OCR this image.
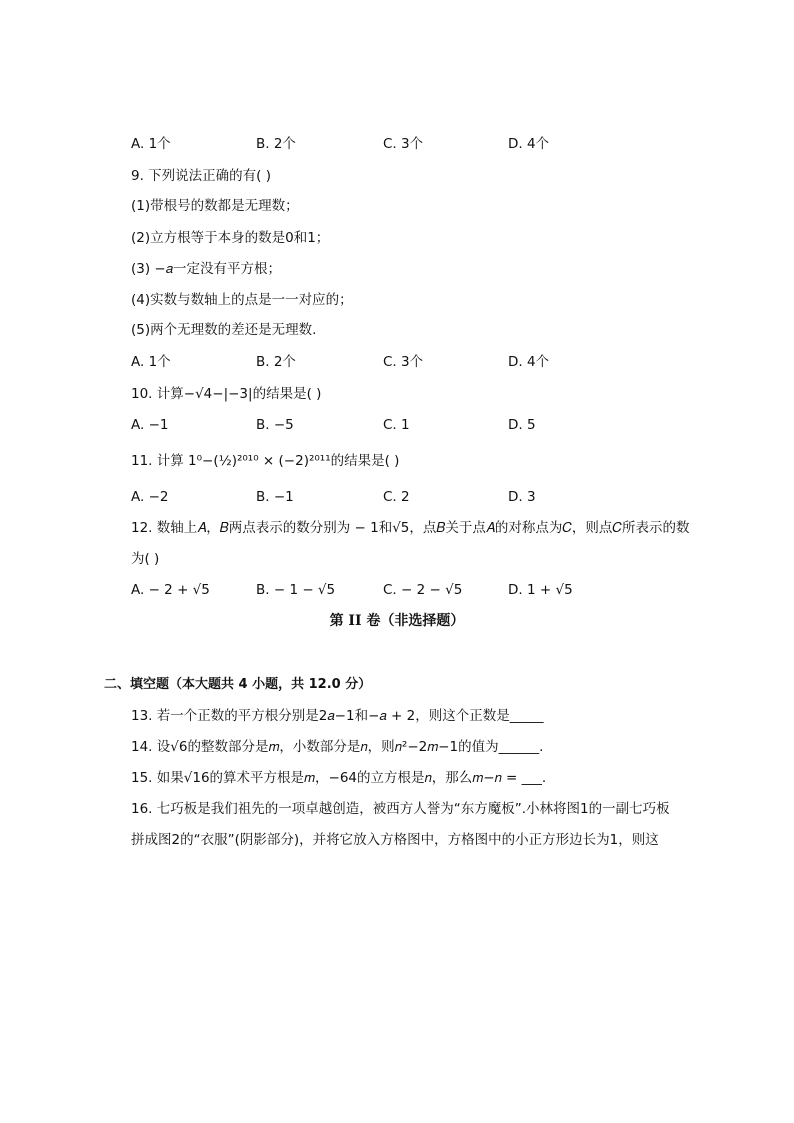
A. 1个	B. 2个	C. 3个	D. 4个
9. 下列说法正确的有( )
(1)带根号的数都是无理数；
(2)立方根等于本身的数是0和1；
(3) −𝑎一定没有平方根；
(4)实数与数轴上的点是一一对应的；
(5)两个无理数的差还是无理数.
A. 1个	B. 2个	C. 3个	D. 4个
10. 计算−√4−|−3|的结果是( )
A. −1	B. −5	C. 1	D. 5
11. 计算 1⁰−(½)²⁰¹⁰ × (−2)²⁰¹¹的结果是( )
A. −2	B. −1	C. 2	D. 3
12. 数轴上𝐴，𝐵两点表示的数分别为 − 1和√5，点𝐵关于点𝐴的对称点为𝐶，则点𝐶所表示的数
为( )
A. − 2 + √5	B. − 1 − √5	C. − 2 − √5	D. 1 + √5
第 II 卷（非选择题）
二、填空题（本大题共 4 小题，共 12.0 分）
13. 若一个正数的平方根分别是2𝑎−1和−𝑎 + 2，则这个正数是_____
14. 设√6的整数部分是𝑚，小数部分是𝑛，则𝑛²−2𝑚−1的值为______.
15. 如果√16的算术平方根是𝑚，−64的立方根是𝑛，那么𝑚−𝑛 = ___.
16. 七巧板是我们祖先的一项卓越创造，被西方人誉为“东方魔板”.小林将图1的一副七巧板
拼成图2的“衣服”(阴影部分)，并将它放入方格图中，方格图中的小正方形边长为1，则这
